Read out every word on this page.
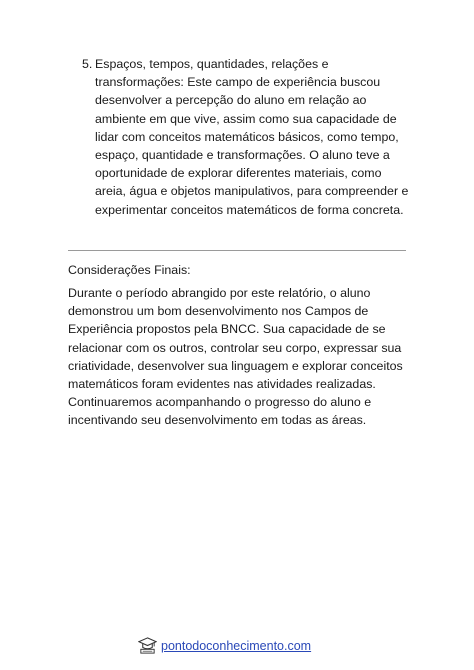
5. Espaços, tempos, quantidades, relações e transformações: Este campo de experiência buscou desenvolver a percepção do aluno em relação ao ambiente em que vive, assim como sua capacidade de lidar com conceitos matemáticos básicos, como tempo, espaço, quantidade e transformações. O aluno teve a oportunidade de explorar diferentes materiais, como areia, água e objetos manipulativos, para compreender e experimentar conceitos matemáticos de forma concreta.
Considerações Finais:
Durante o período abrangido por este relatório, o aluno demonstrou um bom desenvolvimento nos Campos de Experiência propostos pela BNCC. Sua capacidade de se relacionar com os outros, controlar seu corpo, expressar sua criatividade, desenvolver sua linguagem e explorar conceitos matemáticos foram evidentes nas atividades realizadas. Continuaremos acompanhando o progresso do aluno e incentivando seu desenvolvimento em todas as áreas.
pontodoconhecimento.com
